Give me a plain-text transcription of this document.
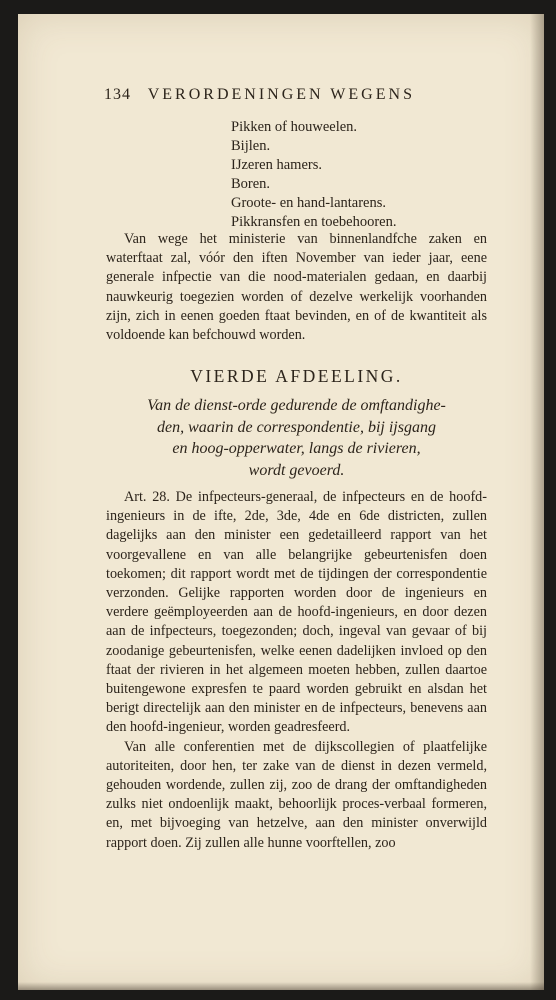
134 VERORDENINGEN WEGENS
Pikken of houweelen.
Bijlen.
IJzeren hamers.
Boren.
Groote- en hand-lantarens.
Pikkransfen en toebehooren.

Van wege het ministerie van binnenlandfche zaken en waterftaat zal, vóór den iften November van ieder jaar, eene generale infpectie van die nood-materialen gedaan, en daarbij nauwkeurig toegezien worden of dezelve werkelijk voorhanden zijn, zich in eenen goeden ftaat bevinden, en of de kwantiteit als voldoende kan befchouwd worden.

VIERDE AFDEELING.
Van de dienst-orde gedurende de omftandighe-
den, waarin de correspondentie, bij ijsgang
en hoog-opperwater, langs de rivieren,
wordt gevoerd.

Art. 28. De infpecteurs-generaal, de infpecteurs en de hoofd-ingenieurs in de ifte, 2de, 3de, 4de en 6de districten, zullen dagelijks aan den minister een gedetailleerd rapport van het voorgevallene en van alle belangrijke gebeurtenisfen doen toekomen; dit rapport wordt met de tijdingen der correspondentie verzonden. Gelijke rapporten worden door de ingenieurs en verdere geëmployeerden aan de hoofd-ingenieurs, en door dezen aan de infpecteurs, toegezonden; doch, ingeval van gevaar of bij zoodanige gebeurtenisfen, welke eenen dadelijken invloed op den ftaat der rivieren in het algemeen moeten hebben, zullen daartoe buitengewone expresfen te paard worden gebruikt en alsdan het berigt directelijk aan den minister en de infpecteurs, benevens aan den hoofd-ingenieur, worden geadresfeerd.

Van alle conferentien met de dijkscollegien of plaatfelijke autoriteiten, door hen, ter zake van de dienst in dezen vermeld, gehouden wordende, zullen zij, zoo de drang der omftandigheden zulks niet ondoenlijk maakt, behoorlijk proces-verbaal formeren, en, met bijvoeging van hetzelve, aan den minister onverwijld rapport doen. Zij zullen alle hunne voorftellen, zoo
